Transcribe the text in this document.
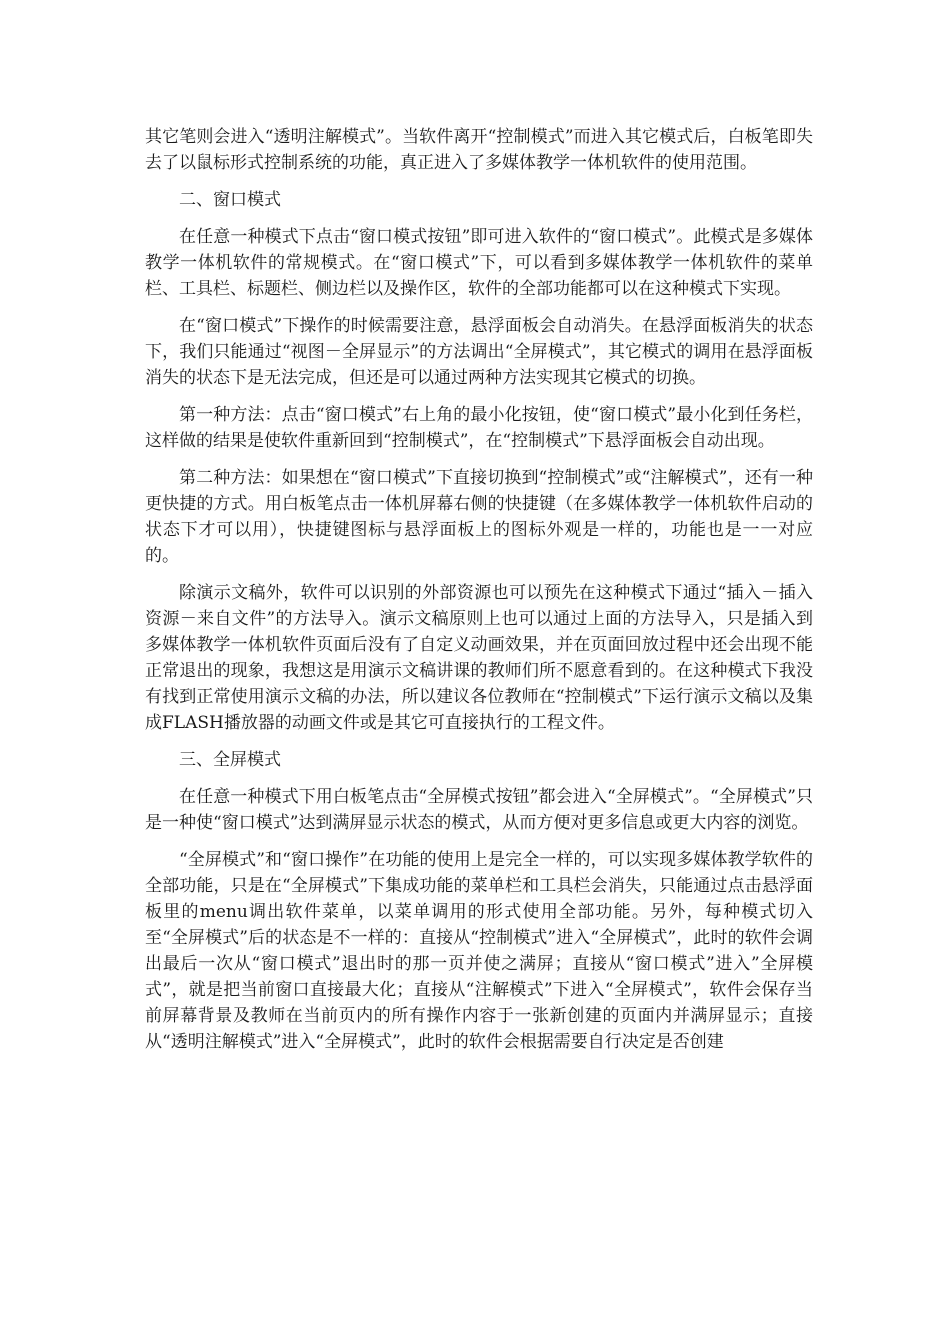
其它笔则会进入“透明注解模式”。当软件离开“控制模式”而进入其它模式后，白板笔即失去了以鼠标形式控制系统的功能，真正进入了多媒体教学一体机软件的使用范围。

二、窗口模式

在任意一种模式下点击“窗口模式按钮”即可进入软件的“窗口模式”。此模式是多媒体教学一体机软件的常规模式。在“窗口模式”下，可以看到多媒体教学一体机软件的菜单栏、工具栏、标题栏、侧边栏以及操作区，软件的全部功能都可以在这种模式下实现。

在“窗口模式”下操作的时候需要注意，悬浮面板会自动消失。在悬浮面板消失的状态下，我们只能通过“视图－全屏显示”的方法调出“全屏模式”，其它模式的调用在悬浮面板消失的状态下是无法完成，但还是可以通过两种方法实现其它模式的切换。

第一种方法：点击“窗口模式”右上角的最小化按钮，使“窗口模式”最小化到任务栏，这样做的结果是使软件重新回到“控制模式”，在“控制模式”下悬浮面板会自动出现。

第二种方法：如果想在“窗口模式”下直接切换到“控制模式”或“注解模式”，还有一种更快捷的方式。用白板笔点击一体机屏幕右侧的快捷键（在多媒体教学一体机软件启动的状态下才可以用），快捷键图标与悬浮面板上的图标外观是一样的，功能也是一一对应的。

除演示文稿外，软件可以识别的外部资源也可以预先在这种模式下通过“插入－插入资源－来自文件”的方法导入。演示文稿原则上也可以通过上面的方法导入，只是插入到多媒体教学一体机软件页面后没有了自定义动画效果，并在页面回放过程中还会出现不能正常退出的现象，我想这是用演示文稿讲课的教师们所不愿意看到的。在这种模式下我没有找到正常使用演示文稿的办法，所以建议各位教师在“控制模式”下运行演示文稿以及集成FLASH播放器的动画文件或是其它可直接执行的工程文件。

三、全屏模式

在任意一种模式下用白板笔点击“全屏模式按钮”都会进入“全屏模式”。“全屏模式”只是一种使“窗口模式”达到满屏显示状态的模式，从而方便对更多信息或更大内容的浏览。

“全屏模式”和“窗口操作”在功能的使用上是完全一样的，可以实现多媒体教学软件的全部功能，只是在“全屏模式”下集成功能的菜单栏和工具栏会消失，只能通过点击悬浮面板里的menu调出软件菜单，以菜单调用的形式使用全部功能。另外，每种模式切入至“全屏模式”后的状态是不一样的：直接从“控制模式”进入“全屏模式”，此时的软件会调出最后一次从“窗口模式”退出时的那一页并使之满屏；直接从“窗口模式”进入”全屏模式”，就是把当前窗口直接最大化；直接从“注解模式”下进入“全屏模式”，软件会保存当前屏幕背景及教师在当前页内的所有操作内容于一张新创建的页面内并满屏显示；直接从“透明注解模式”进入“全屏模式”，此时的软件会根据需要自行决定是否创建
